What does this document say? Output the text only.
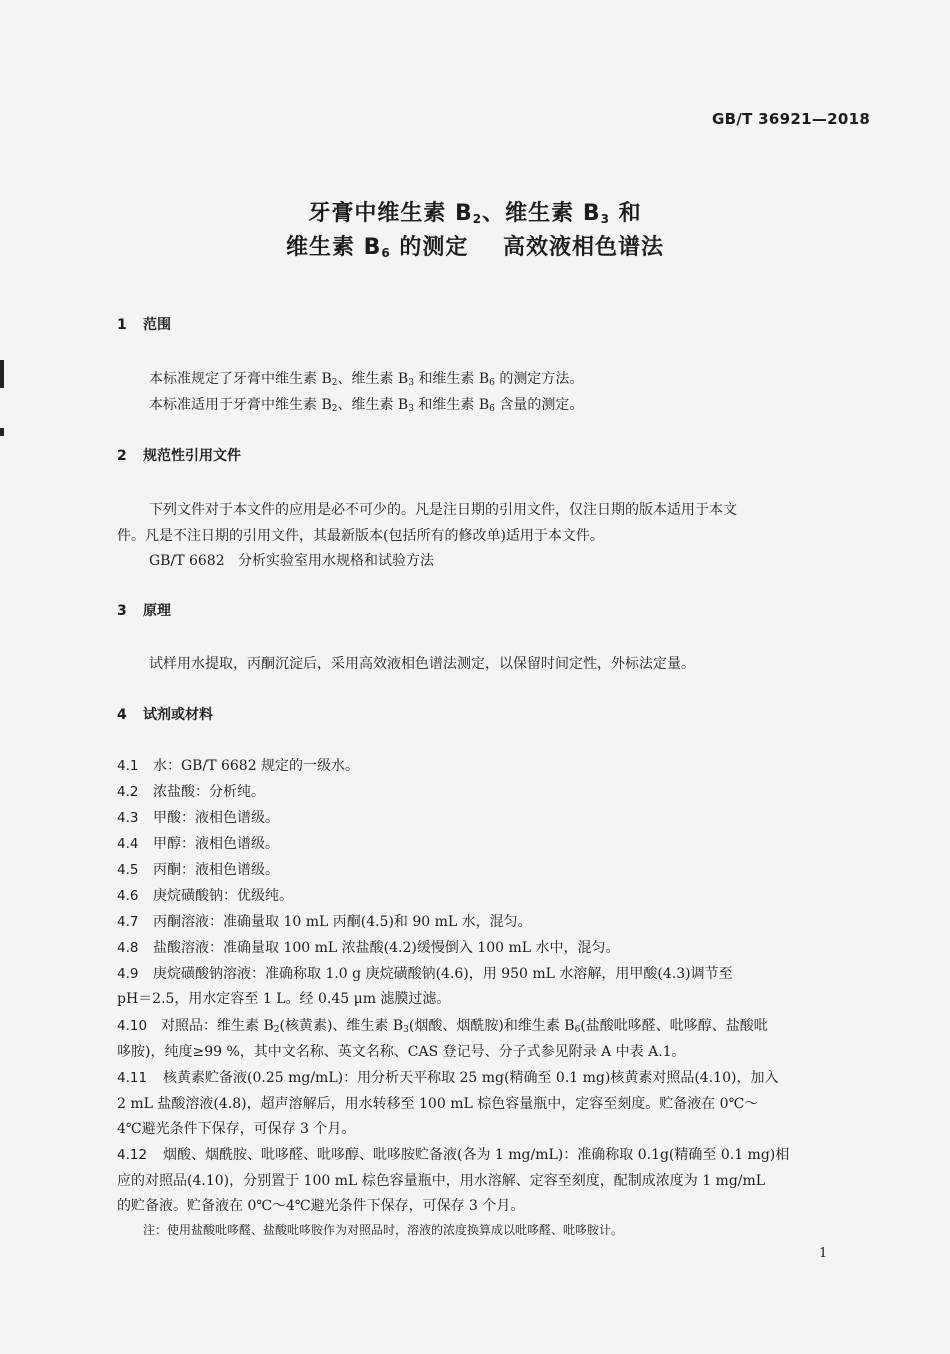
GB/T 36921—2018
牙膏中维生素 $B_2$、维生素 $B_3$ 和
维生素 $B_6$ 的测定    高效液相色谱法
1 范围
本标准规定了牙膏中维生素 $B_2$、维生素 $B_3$ 和维生素 $B_6$ 的测定方法。
本标准适用于牙膏中维生素 $B_2$、维生素 $B_3$ 和维生素 $B_6$ 含量的测定。
2 规范性引用文件
下列文件对于本文件的应用是必不可少的。凡是注日期的引用文件，仅注日期的版本适用于本文
件。凡是不注日期的引用文件，其最新版本(包括所有的修改单)适用于本文件。
GB/T 6682   分析实验室用水规格和试验方法
3 原理
试样用水提取，丙酮沉淀后，采用高效液相色谱法测定，以保留时间定性，外标法定量。
4 试剂或材料
4.1 水：GB/T 6682 规定的一级水。
4.2 浓盐酸：分析纯。
4.3 甲酸：液相色谱级。
4.4 甲醇：液相色谱级。
4.5 丙酮：液相色谱级。
4.6 庚烷磺酸钠：优级纯。
4.7 丙酮溶液：准确量取 10 mL 丙酮(4.5)和 90 mL 水，混匀。
4.8 盐酸溶液：准确量取 100 mL 浓盐酸(4.2)缓慢倒入 100 mL 水中，混匀。
4.9 庚烷磺酸钠溶液：准确称取 1.0 g 庚烷磺酸钠(4.6)，用 950 mL 水溶解，用甲酸(4.3)调节至
pH＝2.5，用水定容至 1 L。经 0.45 μm 滤膜过滤。
4.10 对照品：维生素 $B_2$(核黄素)、维生素 $B_3$(烟酸、烟酰胺)和维生素 $B_6$(盐酸吡哆醛、吡哆醇、盐酸吡
哆胺)，纯度≥99 %，其中文名称、英文名称、CAS 登记号、分子式参见附录 A 中表 A.1。
4.11 核黄素贮备液(0.25 mg/mL)：用分析天平称取 25 mg(精确至 0.1 mg)核黄素对照品(4.10)，加入
2 mL 盐酸溶液(4.8)，超声溶解后，用水转移至 100 mL 棕色容量瓶中，定容至刻度。贮备液在 0℃～
4℃避光条件下保存，可保存 3 个月。
4.12 烟酸、烟酰胺、吡哆醛、吡哆醇、吡哆胺贮备液(各为 1 mg/mL)：准确称取 0.1g(精确至 0.1 mg)相
应的对照品(4.10)，分别置于 100 mL 棕色容量瓶中，用水溶解、定容至刻度，配制成浓度为 1 mg/mL
的贮备液。贮备液在 0℃～4℃避光条件下保存，可保存 3 个月。
注：使用盐酸吡哆醛、盐酸吡哆胺作为对照品时，溶液的浓度换算成以吡哆醛、吡哆胺计。
1
